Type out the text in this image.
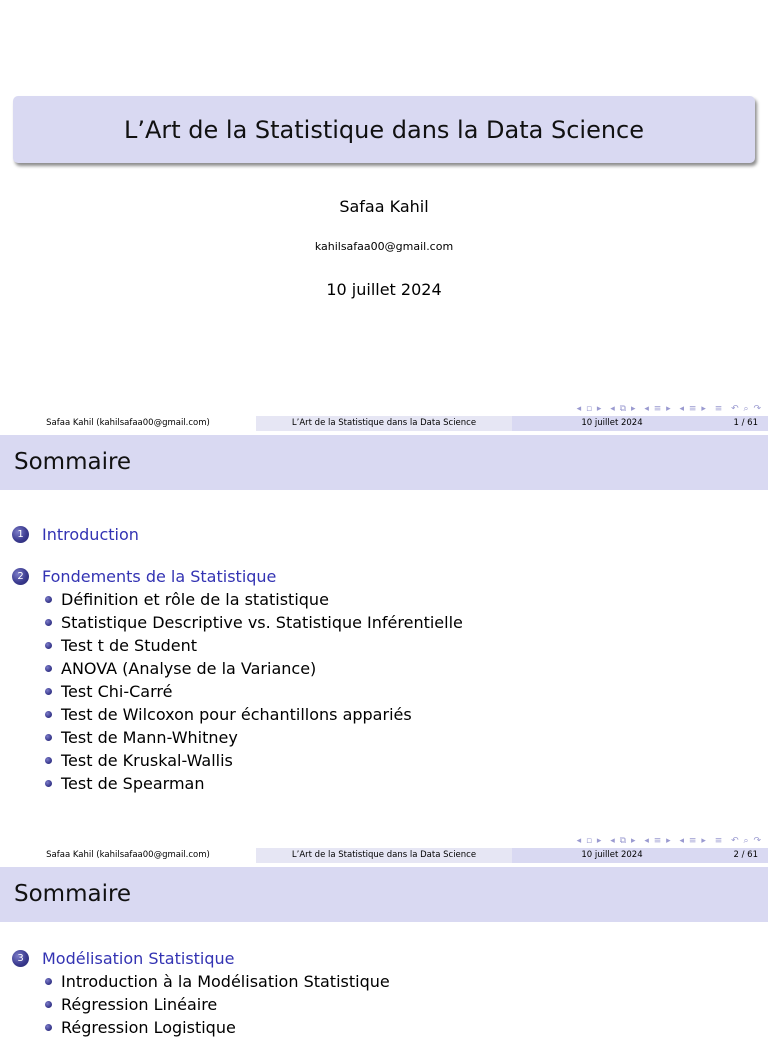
L’Art de la Statistique dans la Data Science
Safaa Kahil
kahilsafaa00@gmail.com
10 juillet 2024
◂ ▫ ▸ ◂ ⧉ ▸ ◂ ≡ ▸ ◂ ≡ ▸ ≡ ↶ ⌕ ↷
Safaa Kahil (kahilsafaa00@gmail.com)	L’Art de la Statistique dans la Data Science	10 juillet 2024	1 / 61
Sommaire
1	Introduction
2	Fondements de la Statistique
Définition et rôle de la statistique
Statistique Descriptive vs. Statistique Inférentielle
Test t de Student
ANOVA (Analyse de la Variance)
Test Chi-Carré
Test de Wilcoxon pour échantillons appariés
Test de Mann-Whitney
Test de Kruskal-Wallis
Test de Spearman
◂ ▫ ▸ ◂ ⧉ ▸ ◂ ≡ ▸ ◂ ≡ ▸ ≡ ↶ ⌕ ↷
Safaa Kahil (kahilsafaa00@gmail.com)	L’Art de la Statistique dans la Data Science	10 juillet 2024	2 / 61
Sommaire
3	Modélisation Statistique
Introduction à la Modélisation Statistique
Régression Linéaire
Régression Logistique
